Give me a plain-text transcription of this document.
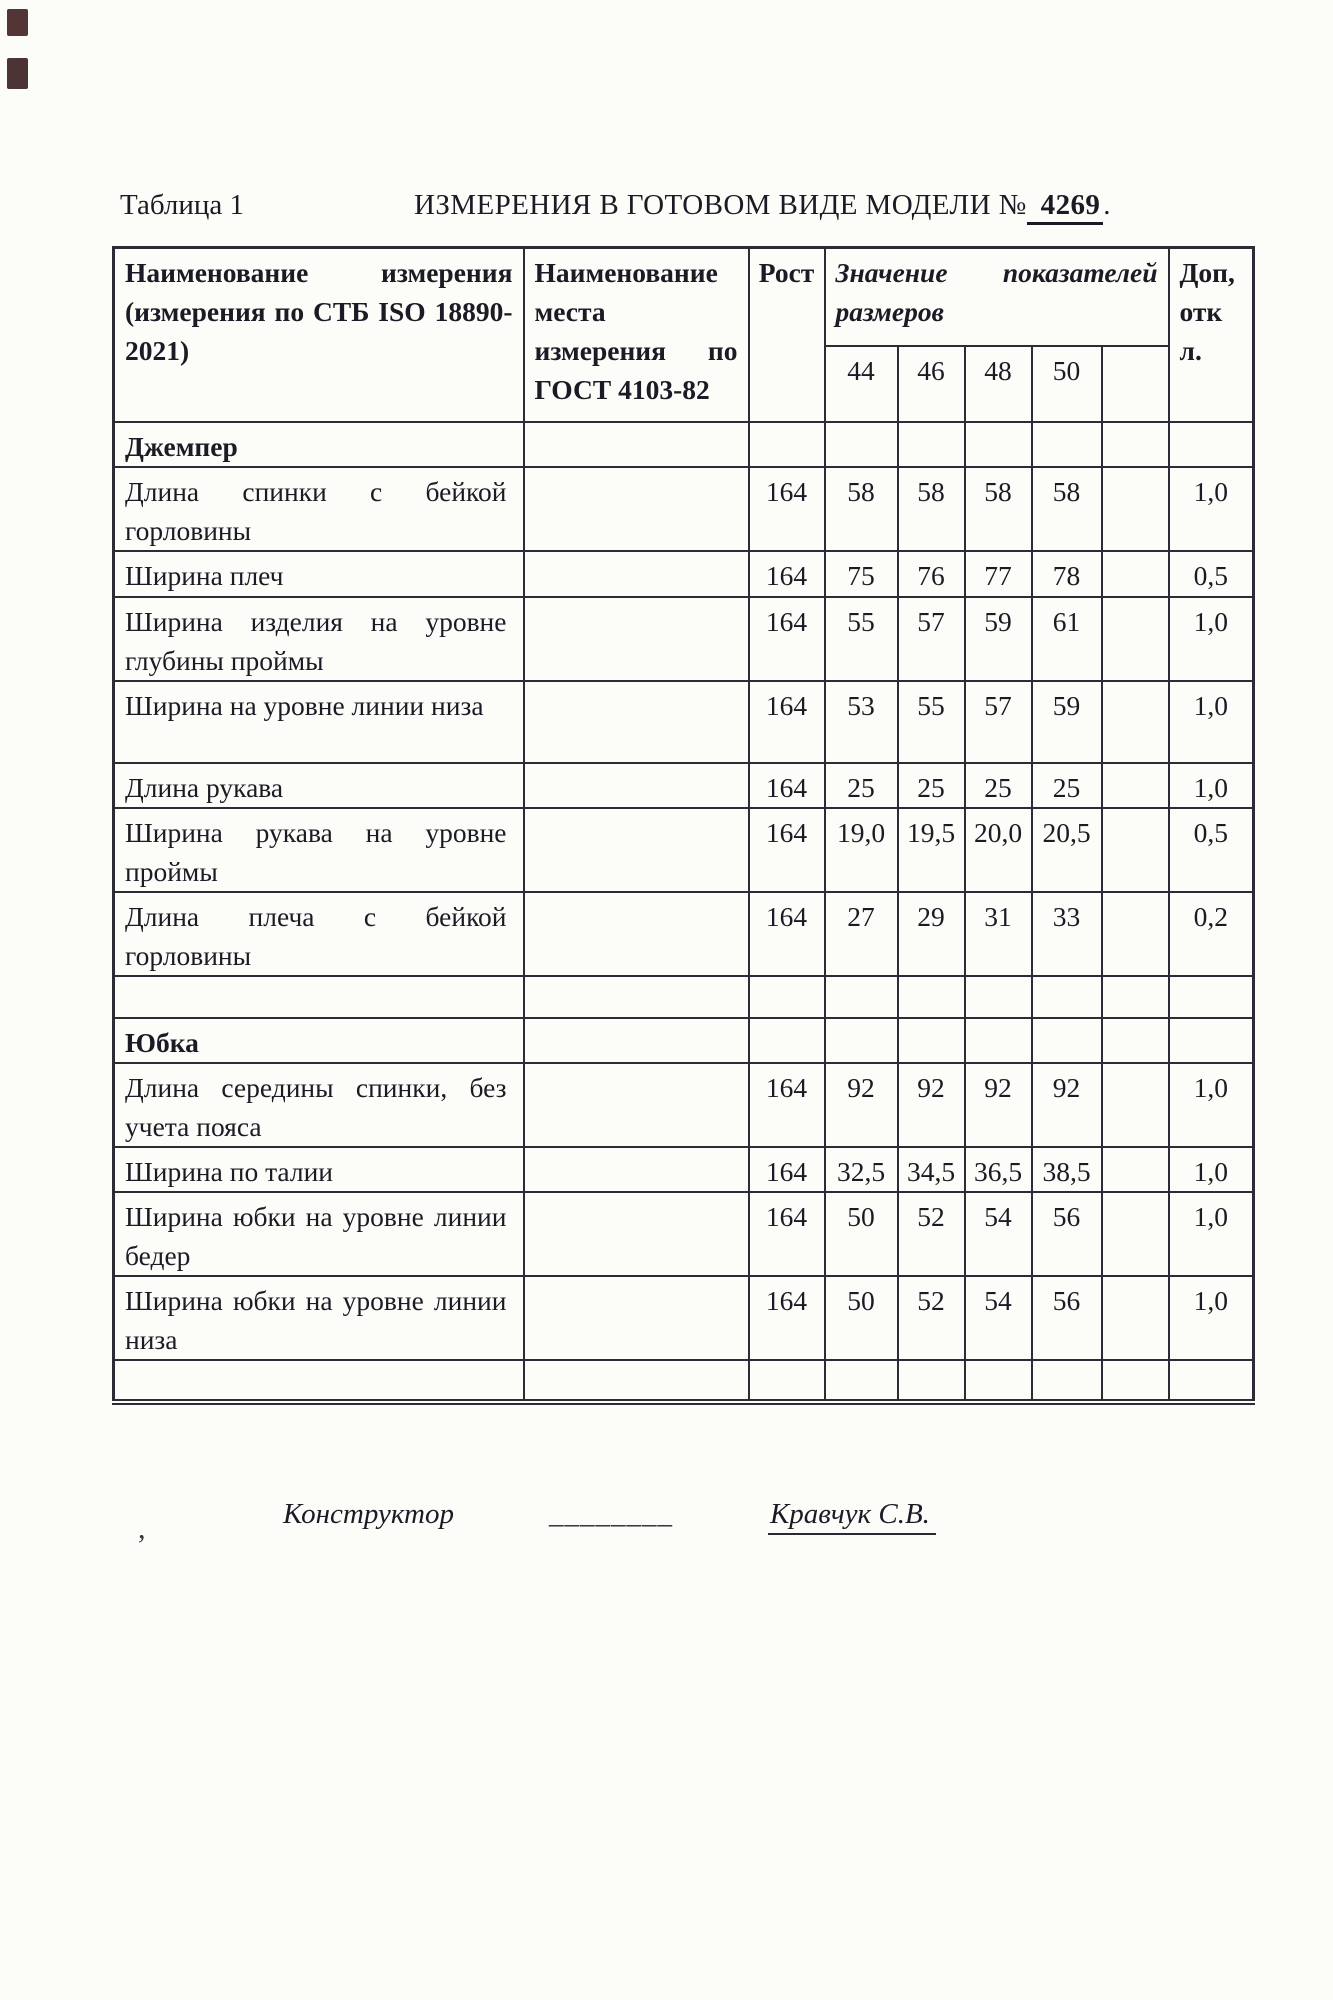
Таблица 1	ИЗМЕРЕНИЯ В ГОТОВОМ ВИДЕ МОДЕЛИ № 4269 .
Наименование измерения (измерения по СТБ ISO 18890-2021)	Наименование места измерения по ГОСТ 4103-82	Рост	Значение показателей размеров					Доп, отк л.
			44	46	48	50		
Джемпер								
Длина спинки с бейкой горловины		164	58	58	58	58		1,0
Ширина плеч		164	75	76	77	78		0,5
Ширина изделия на уровне глубины проймы		164	55	57	59	61		1,0
Ширина на уровне линии низа		164	53	55	57	59		1,0
Длина рукава		164	25	25	25	25		1,0
Ширина рукава на уровне проймы		164	19,0	19,5	20,0	20,5		0,5
Длина плеча с бейкой горловины		164	27	29	31	33		0,2

Юбка								
Длина середины спинки, без учета пояса		164	92	92	92	92		1,0
Ширина по талии		164	32,5	34,5	36,5	38,5		1,0
Ширина юбки на уровне линии бедер		164	50	52	54	56		1,0
Ширина юбки на уровне линии низа		164	50	52	54	56		1,0

Конструктор	________	Кравчук С.В.
,
